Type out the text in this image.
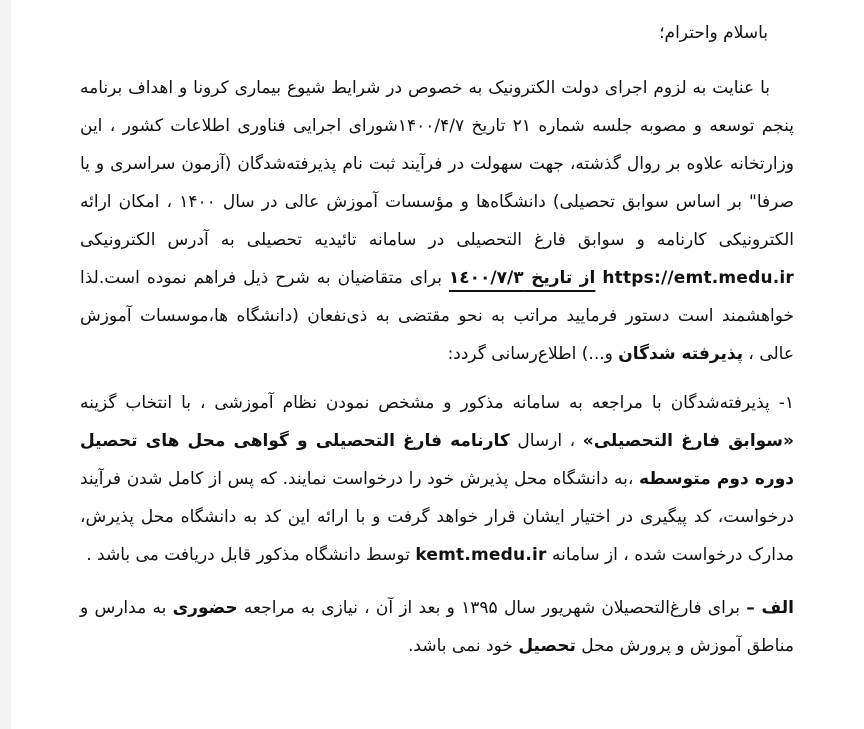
باسلام واحترام؛

با عنایت به لزوم اجرای دولت الکترونیک به خصوص در شرایط شیوع بیماری کرونا و اهداف برنامه پنجم توسعه و مصوبه جلسه شماره ۲۱ تاریخ ۱۴۰۰/۴/۷شورای اجرایی فناوری اطلاعات کشور ، این وزارتخانه علاوه بر روال گذشته، جهت سهولت در فرآیند ثبت نام پذیرفته‌شدگان (آزمون سراسری و یا صرفا" بر اساس سوابق تحصیلی) دانشگاه‌ها و مؤسسات آموزش عالی در سال ۱۴۰۰ ، امکان ارائه الکترونیکی کارنامه و سوابق فارغ التحصیلی در سامانه تائیدیه تحصیلی به آدرس الکترونیکی https://emt.medu.ir از تاریخ ١٤٠٠/٧/٣ برای متقاضیان به شرح ذیل فراهم نموده است.لذا خواهشمند است دستور فرمایید مراتب به نحو مقتضی به ذی‌نفعان (دانشگاه ها،موسسات آموزش عالی ، پذیرفته شدگان و...) اطلاع‌رسانی گردد:

۱- پذیرفته‌شدگان با مراجعه به سامانه مذکور و مشخص نمودن نظام آموزشی ، با انتخاب گزینه «سوابق فارغ التحصیلی» ، ارسال کارنامه فارغ التحصیلی و گواهی محل های تحصیل دوره دوم متوسطه ،به دانشگاه محل پذیرش خود را درخواست نمایند. که پس از کامل شدن فرآیند درخواست، کد پیگیری در اختیار ایشان قرار خواهد گرفت و با ارائه این کد به دانشگاه محل پذیرش، مدارک درخواست شده ، از سامانه kemt.medu.ir توسط دانشگاه مذکور قابل دریافت می باشد .

الف – برای فارغ‌التحصیلان شهریور سال ۱۳۹۵ و بعد از آن ، نیازی به مراجعه حضوری به مدارس و مناطق آموزش و پرورش محل تحصیل خود نمی باشد.
